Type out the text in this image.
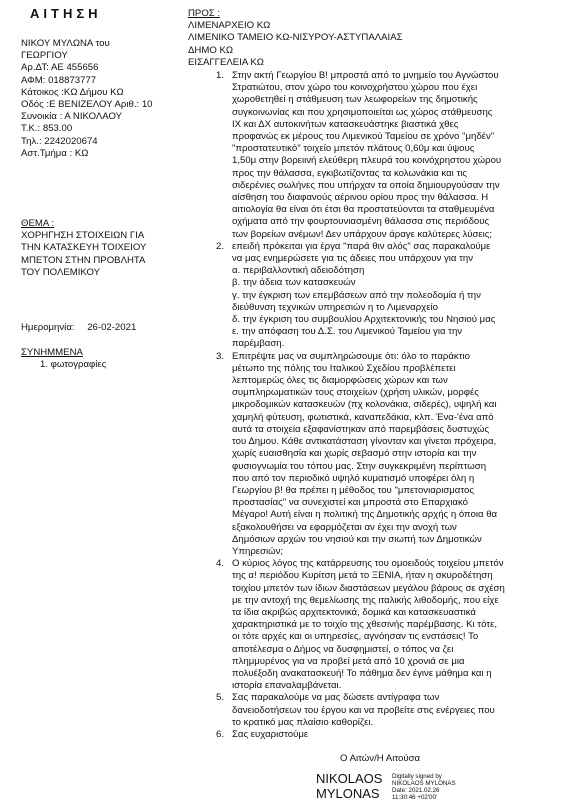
ΑΙΤΗΣΗ
ΝΙΚΟΥ ΜΥΛΩΝΑ του
ΓΕΩΡΓΙΟΥ
Αρ.ΔΤ: ΑΕ 455656
ΑΦΜ: 018873777
Κάτοικος :ΚΩ Δήμου ΚΩ
Οδός :Ε ΒΕΝΙΖΕΛΟΥ Αριθ.: 10
Συνοικία : Α ΝΙΚΟΛΑΟΥ
Τ.Κ.: 853.00
Τηλ.: 2242020674
Αστ.Τμήμα : ΚΩ
ΘΕΜΑ :
ΧΟΡΗΓΗΣΗ ΣΤΟΙΧΕΙΩΝ ΓΙΑ
ΤΗΝ ΚΑΤΑΣΚΕΥΗ ΤΟΙΧΕΙΟΥ
ΜΠΕΤΟΝ ΣΤΗΝ ΠΡΟΒΛΗΤΑ
ΤΟΥ ΠΟΛΕΜΙΚΟΥ
Ημερομηνία: 26-02-2021
ΣΥΝΗΜΜΕΝΑ
1. φωτογραφίες
ΠΡΟΣ :
ΛΙΜΕΝΑΡΧΕΙΟ ΚΩ
ΛΙΜΕΝΙΚΟ ΤΑΜΕΙΟ ΚΩ-ΝΙΣΥΡΟΥ-ΑΣΤΥΠΑΛΑΙΑΣ
ΔΗΜΟ ΚΩ
ΕΙΣΑΓΓΕΛΕΙΑ ΚΩ
1. Στην ακτή Γεωργίου Β! μπροστά από το μνημείο του Αγνώστου
Στρατιώτου, στον χώρο του κοινοχρήστου χώρου που έχει
χωροθετηθεί η στάθμευση των λεωφορείων της δημοτικής
συγκοινωνίας και που χρησιμοποιείται ως χώρος στάθμευσης
IX και ΔΧ αυτοκινήτων κατασκευάστηκε βιαστικά χθες
προφανώς εκ μέρους του Λιμενικού Ταμείου σε χρόνο "μηδέν"
"προστατευτικό" τοιχείο μπετόν πλάτους 0,60μ και ύψους
1,50μ στην βορειινή ελεύθερη πλευρά του κοινόχρηστου χώρου
προς την θάλασσα, εγκιβωτίζοντας τα κολωνάκια και τις
σιδερένιες σωλήνες που υπήρχαν τα οποία δημιουργούσαν την
αίσθηση του διαφανούς αέρινου ορίου προς την θάλασσα. Η
αιτιολογία θα είναι ότι έτσι θα προστατεύονται τα σταθμευμένα
οχήματα από την φουρτουνιασμένη θάλασσα στις περιόδους
των βορείων ανέμων! Δεν υπάρχουν άραγε καλύτερες λύσεις;
2. επειδή πρόκειται για έργα "παρά θιν αλός" σας παρακαλούμε
να μας ενημερώσετε για τις άδειες που υπάρχουν για την
α. περιβαλλοντική αδειοδότηση
β. την άδεια των κατασκευών
γ. την έγκριση των επεμβάσεων από την πολεοδομία ή την
διεύθυνση τεχνικών υπηρεσιών η το Λιμεναρχείο
δ. την έγκριση του συμβουλίου Αρχιτεκτονικής του Νησιού μας
ε. την απόφαση του Δ.Σ. του Λιμενικού Ταμείου για την
παρέμβαση.
3. Επιτρέψτε μας να συμπληρώσουμε ότι: όλο το παράκτιο
μέτωπο της πόλης του Ιταλικού Σχεδίου προβλέπετει
λεπτομερώς όλες τις διαμορφώσεις χώρων και των
συμπληρωματικών τους στοιχείων (χρήση υλικών, μορφές
μικροδομικών κατασκευών (πχ κολονάκια, σιδερές), υψηλή και
χαμηλή φύτευση, φωτιστικά, καναπεδάκια, κλπ. Ένα-'ένα από
αυτά τα στοιχεία εξαφανίστηκαν από παρεμβάσεις δυστυχώς
του Δημου. Κάθε αντικατάσταση γίνονταν και γίνεται πρόχειρα,
χωρίς ευαισθησία και χωρίς σεβασμό στην ιστορία και την
φυσιογνωμία του τόπου μας. Στην συγκεκριμένη περίπτωση
που από τον περιοδικό υψηλό κυματισμό υποφέρει όλη η
Γεωργίου β! θα πρέπει η μέθοδος του "μπετονιαρισματος
προστασίας" να συνεχιστεί και μπροστά στο Επαρχιακό
Μέγαρο! Αυτή είναι η πολιτική της Δημοτικής αρχής η όποια θα
εξακολουθήσει να εφαρμόζεται αν έχει την ανοχή των
Δημόσιων αρχών του νησιού και την σιωπή των Δημοτικών
Υπηρεσιών;
4. Ο κύριος λόγος της κατάρρευσης του ομοειδούς τοιχείου μπετόν
της α! περιόδου Κυρίτση μετά το ΞΕΝΙΑ, ήταν η σκυροδέτηση
τοιχίου μπετόν των ίδιων διαστάσεων μεγάλου βάρους σε σχέση
με την αντοχή της θεμελίωσης της ιταλικής λιθοδομής, που είχε
τα ίδια ακριβώς αρχιτεκτονικά, δομικά και κατασκευαστικά
χαρακτηριστικά με το τοιχίο της χθεσινής παρέμβασης. Κι τότε,
οι τότε αρχές και οι υπηρεσίες, αγνόησαν τις ενστάσεις! Το
αποτέλεσμα ο Δήμος να δυσφημιστεί, ο τόπος να ζει
πλημμυρένος για να προβεί μετά από 10 χρονιά σε μια
πολυέξοδη ανακατασκευή! Το πάθημα δεν έγινε μάθημα και η
ιστορία επαναλαμβάνεται.
5. Σας παρακαλούμε να μας δώσετε αντίγραφα των
δανειοδοτήσεων του έργου και να προβείτε στις ενέργειες που
το κρατικό μας πλαίσιο καθορίζει.
6. Σας ευχαριστούμε
Ο Αιτών/Η Αιτούσα
NIKOLAOS
MYLONAS
Digitally signed by
NIKOLAOS MYLONAS
Date: 2021.02.26
11:30:46 +02'00'
